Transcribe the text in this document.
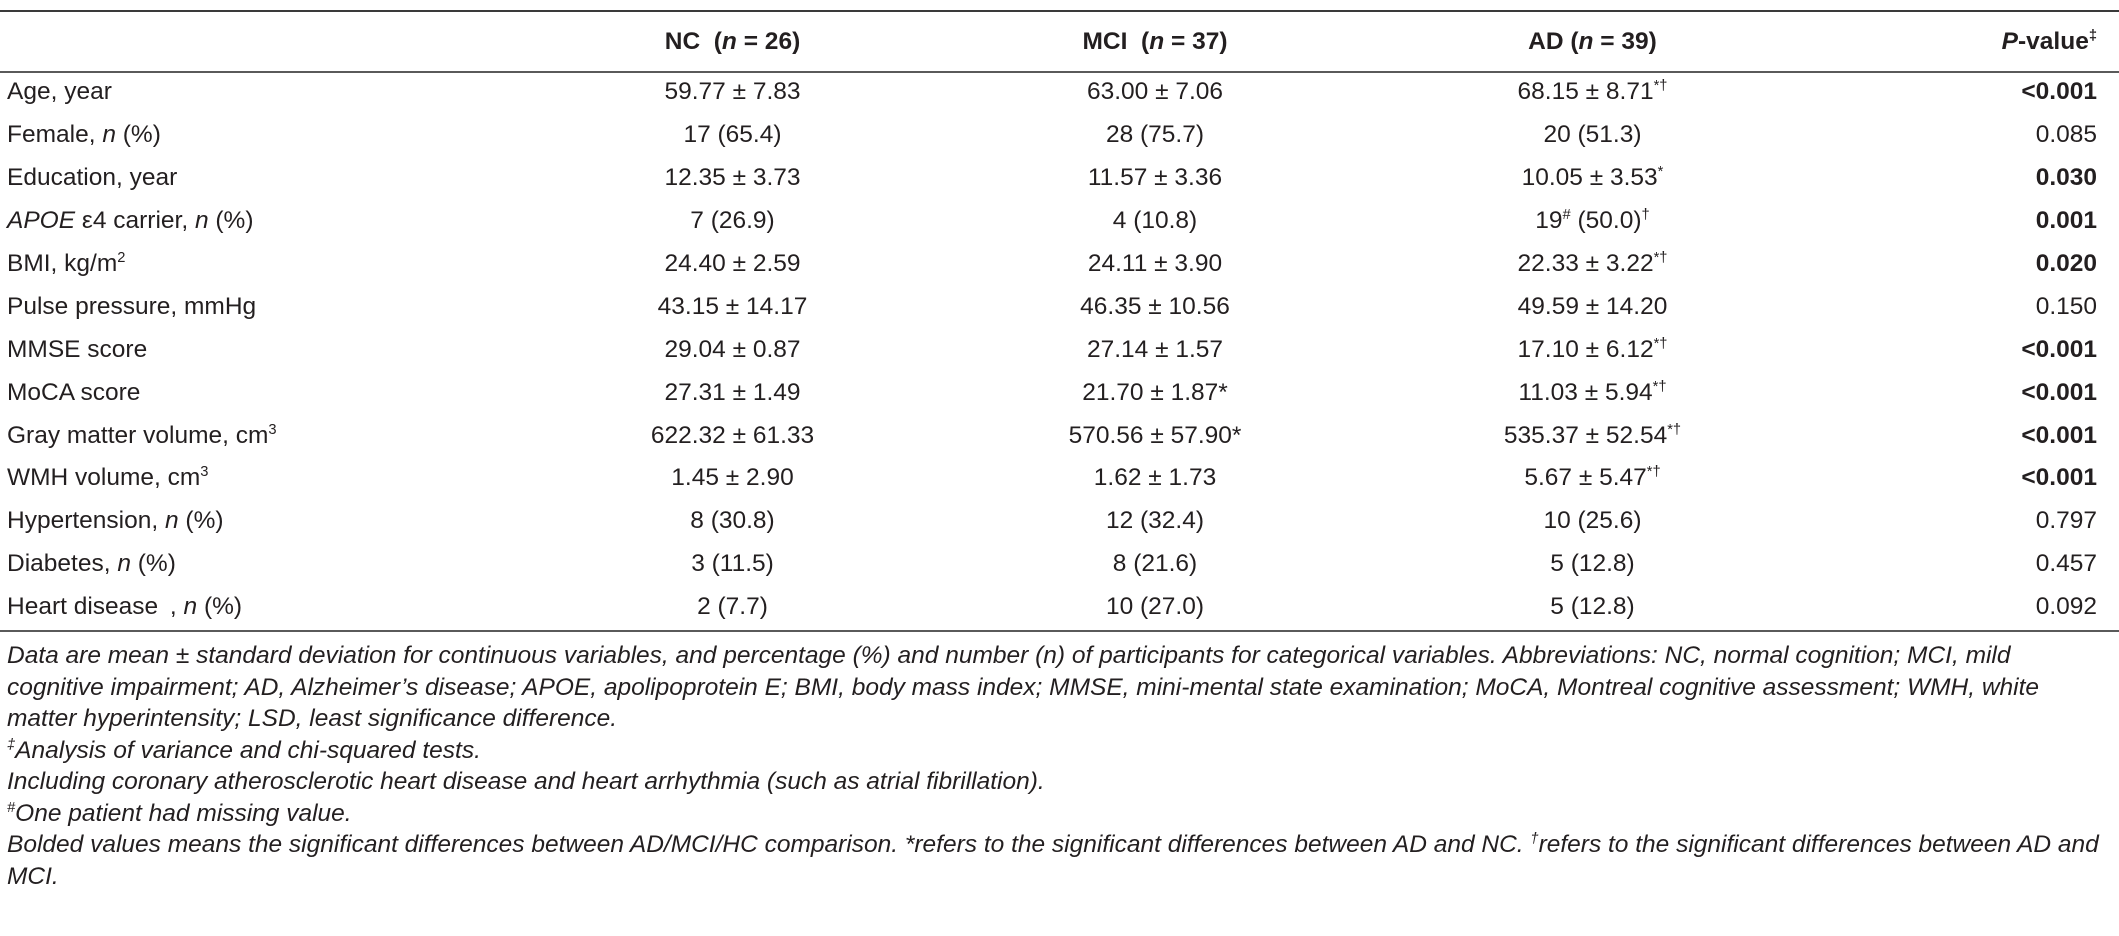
	NC  (n = 26)	MCI  (n = 37)	AD (n = 39)	P-value‡
Age, year	59.77 ± 7.83	63.00 ± 7.06	68.15 ± 8.71*†	<0.001
Female, n (%)	17 (65.4)	28 (75.7)	20 (51.3)	0.085
Education, year	12.35 ± 3.73	11.57 ± 3.36	10.05 ± 3.53*	0.030
APOE ε4 carrier, n (%)	7 (26.9)	4 (10.8)	19# (50.0)†	0.001
BMI, $kg/m^2$	24.40 ± 2.59	24.11 ± 3.90	22.33 ± 3.22*†	0.020
Pulse pressure, mmHg	43.15 ± 14.17	46.35 ± 10.56	49.59 ± 14.20	0.150
MMSE score	29.04 ± 0.87	27.14 ± 1.57	17.10 ± 6.12*†	<0.001
MoCA score	27.31 ± 1.49	21.70 ± 1.87*	11.03 ± 5.94*†	<0.001
Gray matter volume, $cm^3$	622.32 ± 61.33	570.56 ± 57.90*	535.37 ± 52.54*†	<0.001
WMH volume, $cm^3$	1.45 ± 2.90	1.62 ± 1.73	5.67 ± 5.47*†	<0.001
Hypertension, n (%)	8 (30.8)	12 (32.4)	10 (25.6)	0.797
Diabetes, n (%)	3 (11.5)	8 (21.6)	5 (12.8)	0.457
Heart disease  , n (%)	2 (7.7)	10 (27.0)	5 (12.8)	0.092

Data are mean ± standard deviation for continuous variables, and percentage (%) and number (n) of participants for categorical variables. Abbreviations: NC, normal cognition; MCI, mild cognitive impairment; AD, Alzheimer’s disease; APOE, apolipoprotein E; BMI, body mass index; MMSE, mini-mental state examination; MoCA, Montreal cognitive assessment; WMH, white matter hyperintensity; LSD, least significance difference.

‡Analysis of variance and chi-squared tests.

Including coronary atherosclerotic heart disease and heart arrhythmia (such as atrial fibrillation).

#One patient had missing value.

Bolded values means the significant differences between AD/MCI/HC comparison. *refers to the significant differences between AD and NC. †refers to the significant differences between AD and MCI.
